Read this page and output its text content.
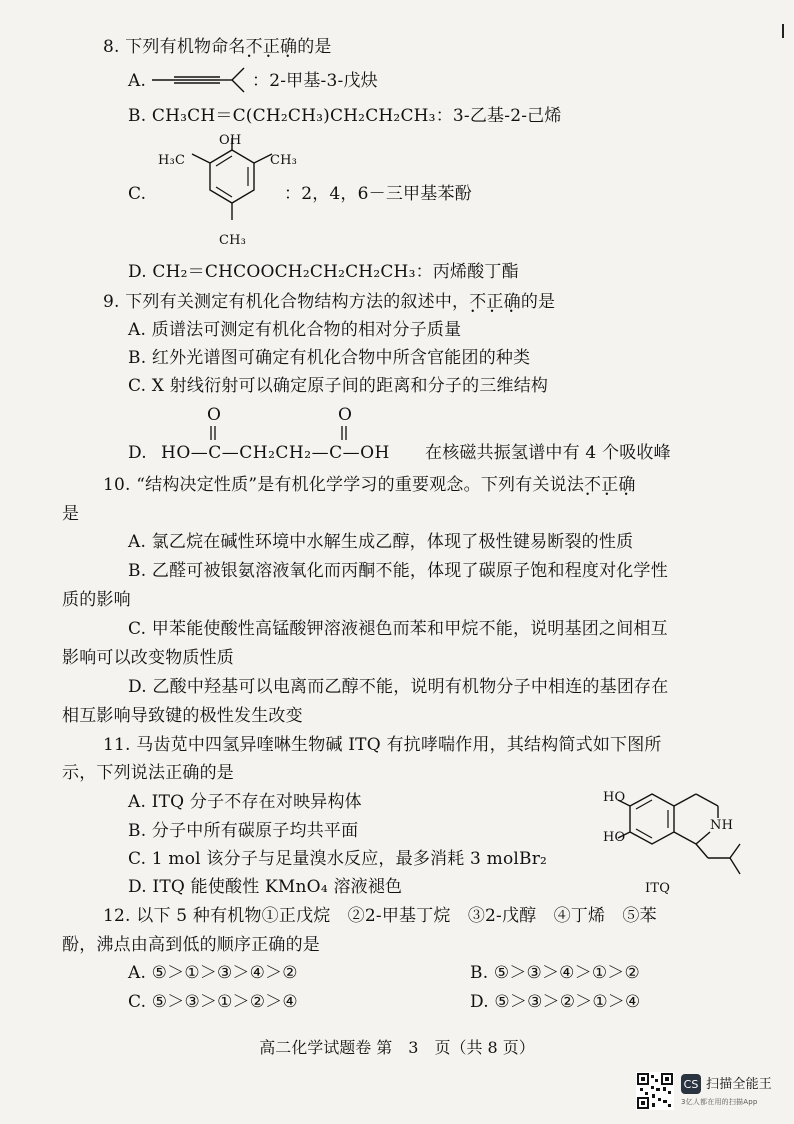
8. 下列有机物命名不正确 • • •的是
A.	：2-甲基-3-戊炔
B. CH₃CH＝C(CH₂CH₃)CH₂CH₂CH₃：3-乙基-2-己烯
C.
OH
H₃C	CH₃
CH₃
：2，4，6－三甲基苯酚
D. CH₂＝CHCOOCH₂CH₂CH₂CH₃：丙烯酸丁酯
9. 下列有关测定有机化合物结构方法的叙述中，不正确 • • •的是
A. 质谱法可测定有机化合物的相对分子质量
B. 红外光谱图可确定有机化合物中所含官能团的种类
C. X 射线衍射可以确定原子间的距离和分子的三维结构
O	O
D. HO—C—CH₂CH₂—C—OH 在核磁共振氢谱中有 4 个吸收峰
10. “结构决定性质”是有机化学学习的重要观念。下列有关说法不正确 • • •
是
A. 氯乙烷在碱性环境中水解生成乙醇，体现了极性键易断裂的性质
B. 乙醛可被银氨溶液氧化而丙酮不能，体现了碳原子饱和程度对化学性
质的影响
C. 甲苯能使酸性高锰酸钾溶液褪色而苯和甲烷不能，说明基团之间相互
影响可以改变物质性质
D. 乙酸中羟基可以电离而乙醇不能，说明有机物分子中相连的基团存在
相互影响导致键的极性发生改变
11. 马齿苋中四氢异喹啉生物碱 ITQ 有抗哮喘作用，其结构简式如下图所
示，下列说法正确的是
A. ITQ 分子不存在对映异构体
B. 分子中所有碳原子均共平面
C. 1 mol 该分子与足量溴水反应，最多消耗 3 molBr₂
D. ITQ 能使酸性 KMnO₄ 溶液褪色
HO
HO
NH
ITQ
12. 以下 5 种有机物①正戊烷　②2-甲基丁烷　③2-戊醇　④丁烯　⑤苯
酚，沸点由高到低的顺序正确的是
A. ⑤＞①＞③＞④＞②	B. ⑤＞③＞④＞①＞②
C. ⑤＞③＞①＞②＞④	D. ⑤＞③＞②＞①＞④
高二化学试题卷 第　3　页（共 8 页）
CS 扫描全能王
3亿人都在用的扫描App
